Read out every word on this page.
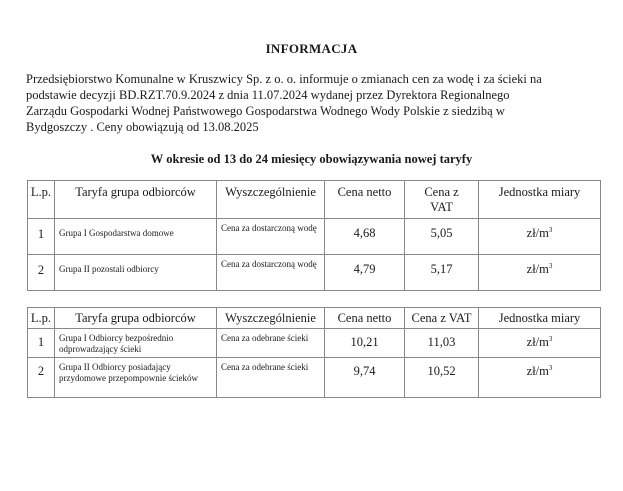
INFORMACJA

Przedsiębiorstwo Komunalne w Kruszwicy Sp. z o. o. informuje o zmianach cen za wodę i za ścieki na
podstawie decyzji BD.RZT.70.9.2024 z dnia 11.07.2024 wydanej przez Dyrektora Regionalnego
Zarządu Gospodarki Wodnej Państwowego Gospodarstwa Wodnego Wody Polskie z siedzibą w
Bydgoszczy . Ceny obowiązują od 13.08.2025

W okresie od 13 do 24 miesięcy obowiązywania nowej taryfy
L.p.	Taryfa grupa odbiorców	Wyszczególnienie	Cena netto	Cena z VAT	Jednostka miary
1	Grupa I Gospodarstwa domowe	Cena za dostarczoną wodę	4,68	5,05	$zł/m^3$
2	Grupa II pozostali odbiorcy	Cena za dostarczoną wodę	4,79	5,17	$zł/m^3$
L.p.	Taryfa grupa odbiorców	Wyszczególnienie	Cena netto	Cena z VAT	Jednostka miary
1	Grupa I Odbiorcy bezpośrednio odprowadzający ścieki	Cena za odebrane ścieki	10,21	11,03	$zł/m^3$
2	Grupa II Odbiorcy posiadający przydomowe przepompownie ścieków	Cena za odebrane ścieki	9,74	10,52	$zł/m^3$
